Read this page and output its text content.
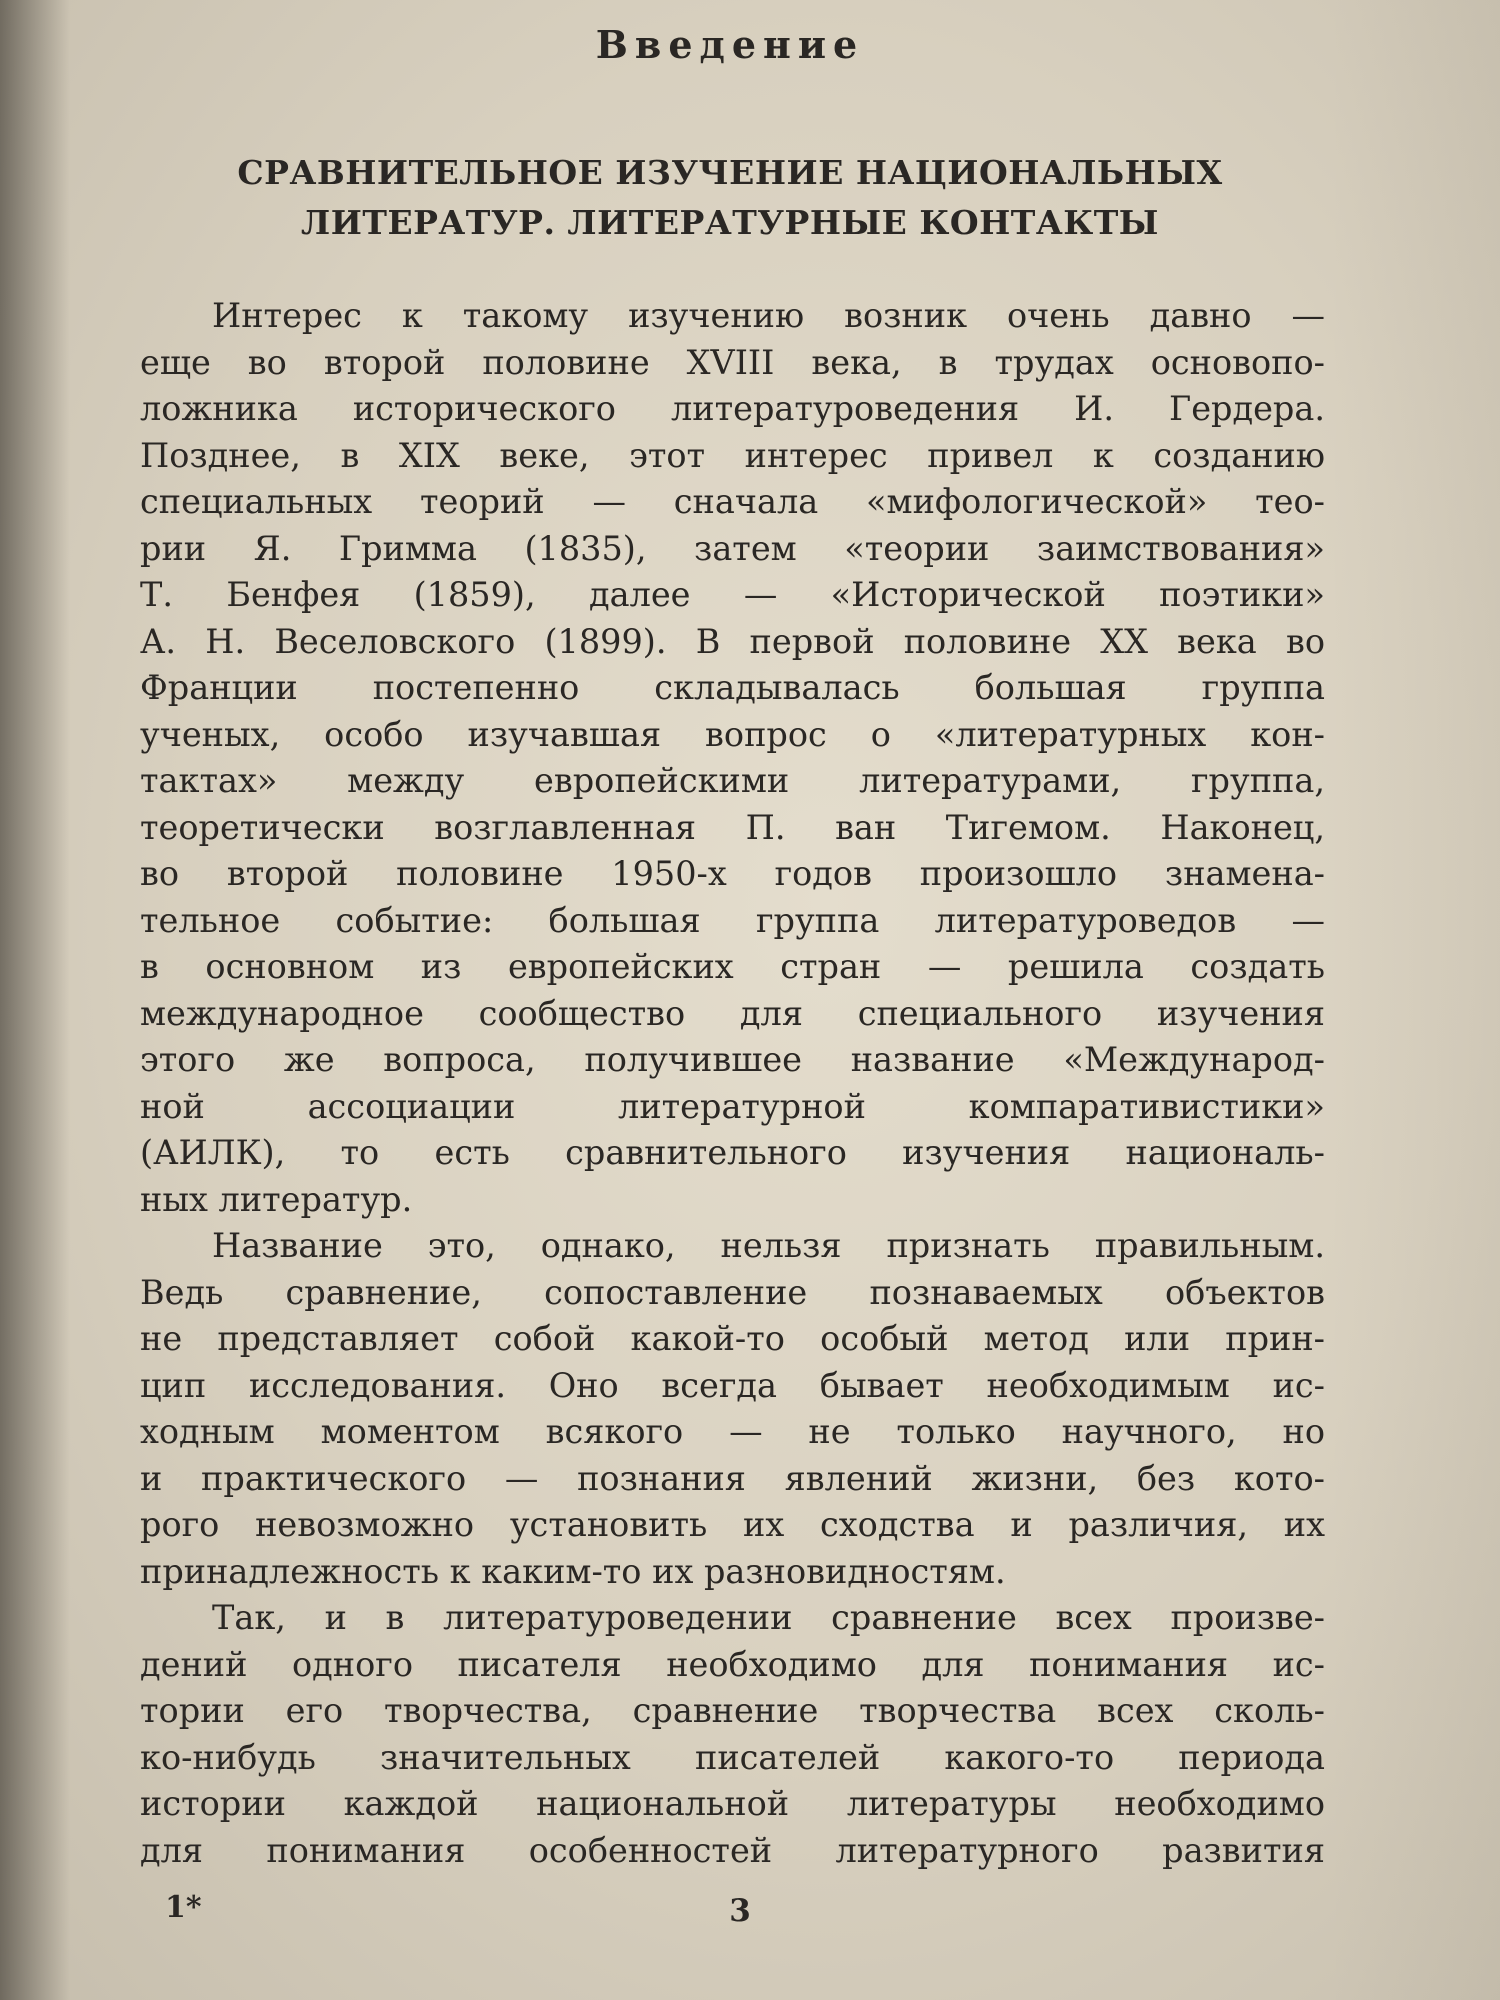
Введение
СРАВНИТЕЛЬНОЕ ИЗУЧЕНИЕ НАЦИОНАЛЬНЫХ
ЛИТЕРАТУР. ЛИТЕРАТУРНЫЕ КОНТАКТЫ
Интерес к такому изучению возник очень давно —
еще во второй половине XVIII века, в трудах основопо-
ложника исторического литературоведения И. Гердера.
Позднее, в XIX веке, этот интерес привел к созданию
специальных теорий — сначала «мифологической» тео-
рии Я. Гримма (1835), затем «теории заимствования»
Т. Бенфея (1859), далее — «Исторической поэтики»
А. Н. Веселовского (1899). В первой половине XX века во
Франции постепенно складывалась большая группа
ученых, особо изучавшая вопрос о «литературных кон-
тактах» между европейскими литературами, группа,
теоретически возглавленная П. ван Тигемом. Наконец,
во второй половине 1950-х годов произошло знамена-
тельное событие: большая группа литературоведов —
в основном из европейских стран — решила создать
международное сообщество для специального изучения
этого же вопроса, получившее название «Международ-
ной ассоциации литературной компаративистики»
(АИЛК), то есть сравнительного изучения националь-
ных литератур.
Название это, однако, нельзя признать правильным.
Ведь сравнение, сопоставление познаваемых объектов
не представляет собой какой-то особый метод или прин-
цип исследования. Оно всегда бывает необходимым ис-
ходным моментом всякого — не только научного, но
и практического — познания явлений жизни, без кото-
рого невозможно установить их сходства и различия, их
принадлежность к каким-то их разновидностям.
Так, и в литературоведении сравнение всех произве-
дений одного писателя необходимо для понимания ис-
тории его творчества, сравнение творчества всех сколь-
ко-нибудь значительных писателей какого-то периода
истории каждой национальной литературы необходимо
для понимания особенностей литературного развития
1*	3
